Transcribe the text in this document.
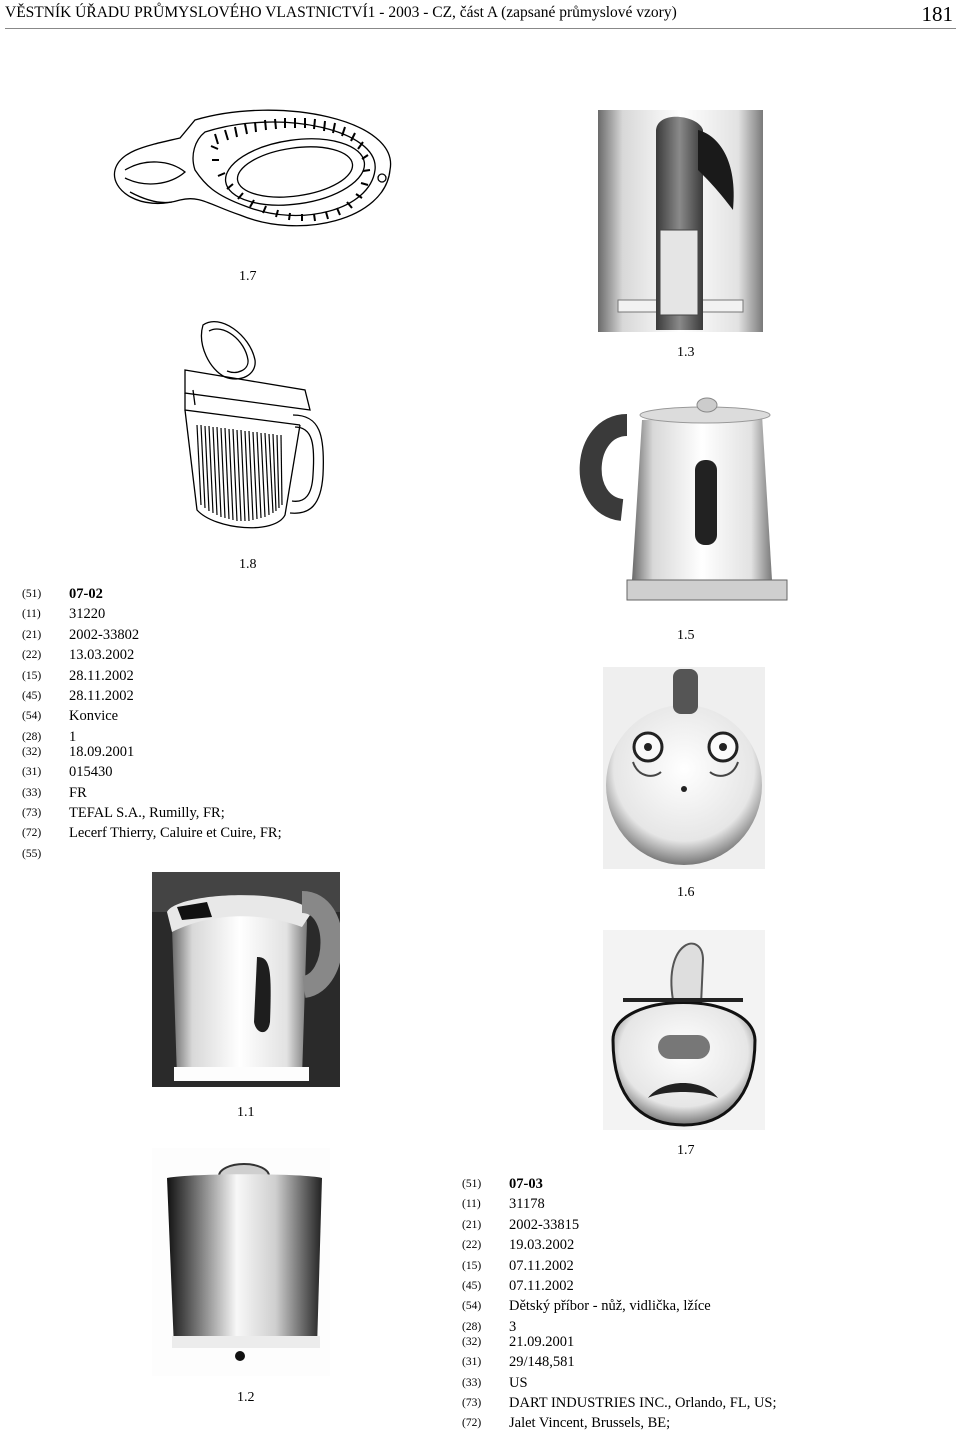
VĚSTNÍK ÚŘADU PRŮMYSLOVÉHO VLASTNICTVÍ1 - 2003 - CZ, část A (zapsané průmyslové vzory)	181
1.7
1.8
1.3
1.5
1.6
1.7
1.1
1.2
(51) 07-02
(11) 31220
(21) 2002-33802
(22) 13.03.2002
(15) 28.11.2002
(45) 28.11.2002
(54) Konvice
(28) 1
(32) 18.09.2001
(31) 015430
(33) FR
(73) TEFAL S.A., Rumilly, FR;
(72) Lecerf Thierry, Caluire et Cuire, FR;
(55)
(51) 07-03
(11) 31178
(21) 2002-33815
(22) 19.03.2002
(15) 07.11.2002
(45) 07.11.2002
(54) Dětský příbor - nůž, vidlička, lžíce
(28) 3
(32) 21.09.2001
(31) 29/148,581
(33) US
(73) DART INDUSTRIES INC., Orlando, FL, US;
(72) Jalet Vincent, Brussels, BE;
